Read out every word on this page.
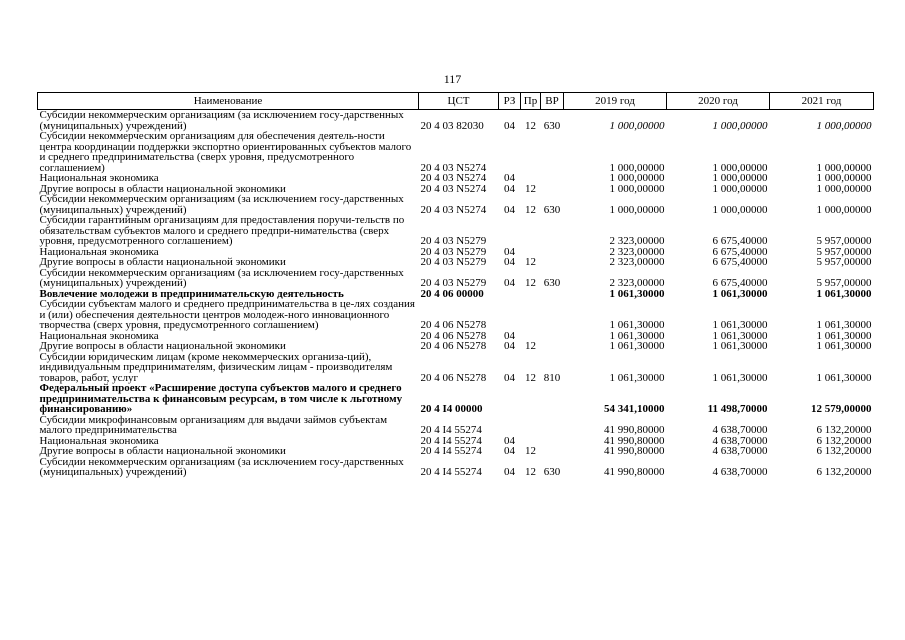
117
Наименование	ЦСТ	РЗ	Пр	ВР	2019 год	2020 год	2021 год
Субсидии некоммерческим организациям (за исключением госу-дарственных (муниципальных) учреждений)	20 4 03 82030	04	12	630	1 000,00000	1 000,00000	1 000,00000
Субсидии некоммерческим организациям для обеспечения деятель-ности центра координации поддержки экспортно ориентированных субъектов малого и среднего предпринимательства (сверх уровня, предусмотренного соглашением)	20 4 03 N5274				1 000,00000	1 000,00000	1 000,00000
Национальная экономика	20 4 03 N5274	04			1 000,00000	1 000,00000	1 000,00000
Другие вопросы в области национальной экономики	20 4 03 N5274	04	12		1 000,00000	1 000,00000	1 000,00000
Субсидии некоммерческим организациям (за исключением госу-дарственных (муниципальных) учреждений)	20 4 03 N5274	04	12	630	1 000,00000	1 000,00000	1 000,00000
Субсидии гарантийным организациям для предоставления поручи-тельств по обязательствам субъектов малого и среднего предпри-нимательства (сверх уровня, предусмотренного соглашением)	20 4 03 N5279				2 323,00000	6 675,40000	5 957,00000
Национальная экономика	20 4 03 N5279	04			2 323,00000	6 675,40000	5 957,00000
Другие вопросы в области национальной экономики	20 4 03 N5279	04	12		2 323,00000	6 675,40000	5 957,00000
Субсидии некоммерческим организациям (за исключением госу-дарственных (муниципальных) учреждений)	20 4 03 N5279	04	12	630	2 323,00000	6 675,40000	5 957,00000
Вовлечение молодежи в предпринимательскую деятельность	20 4 06 00000				1 061,30000	1 061,30000	1 061,30000
Субсидии субъектам малого и среднего предпринимательства в це-лях создания и (или) обеспечения деятельности центров молодеж-ного инновационного творчества (сверх уровня, предусмотренного соглашением)	20 4 06 N5278				1 061,30000	1 061,30000	1 061,30000
Национальная экономика	20 4 06 N5278	04			1 061,30000	1 061,30000	1 061,30000
Другие вопросы в области национальной экономики	20 4 06 N5278	04	12		1 061,30000	1 061,30000	1 061,30000
Субсидии юридическим лицам (кроме некоммерческих организа-ций), индивидуальным предпринимателям, физическим лицам - производителям товаров, работ, услуг	20 4 06 N5278	04	12	810	1 061,30000	1 061,30000	1 061,30000
Федеральный проект «Расширение доступа субъектов малого и среднего предпринимательства к финансовым ресурсам, в том числе к льготному финансированию»	20 4 I4 00000				54 341,10000	11 498,70000	12 579,00000
Субсидии микрофинансовым организациям для выдачи займов субъектам малого предпринимательства	20 4 I4 55274				41 990,80000	4 638,70000	6 132,20000
Национальная экономика	20 4 I4 55274	04			41 990,80000	4 638,70000	6 132,20000
Другие вопросы в области национальной экономики	20 4 I4 55274	04	12		41 990,80000	4 638,70000	6 132,20000
Субсидии некоммерческим организациям (за исключением госу-дарственных (муниципальных) учреждений)	20 4 I4 55274	04	12	630	41 990,80000	4 638,70000	6 132,20000
